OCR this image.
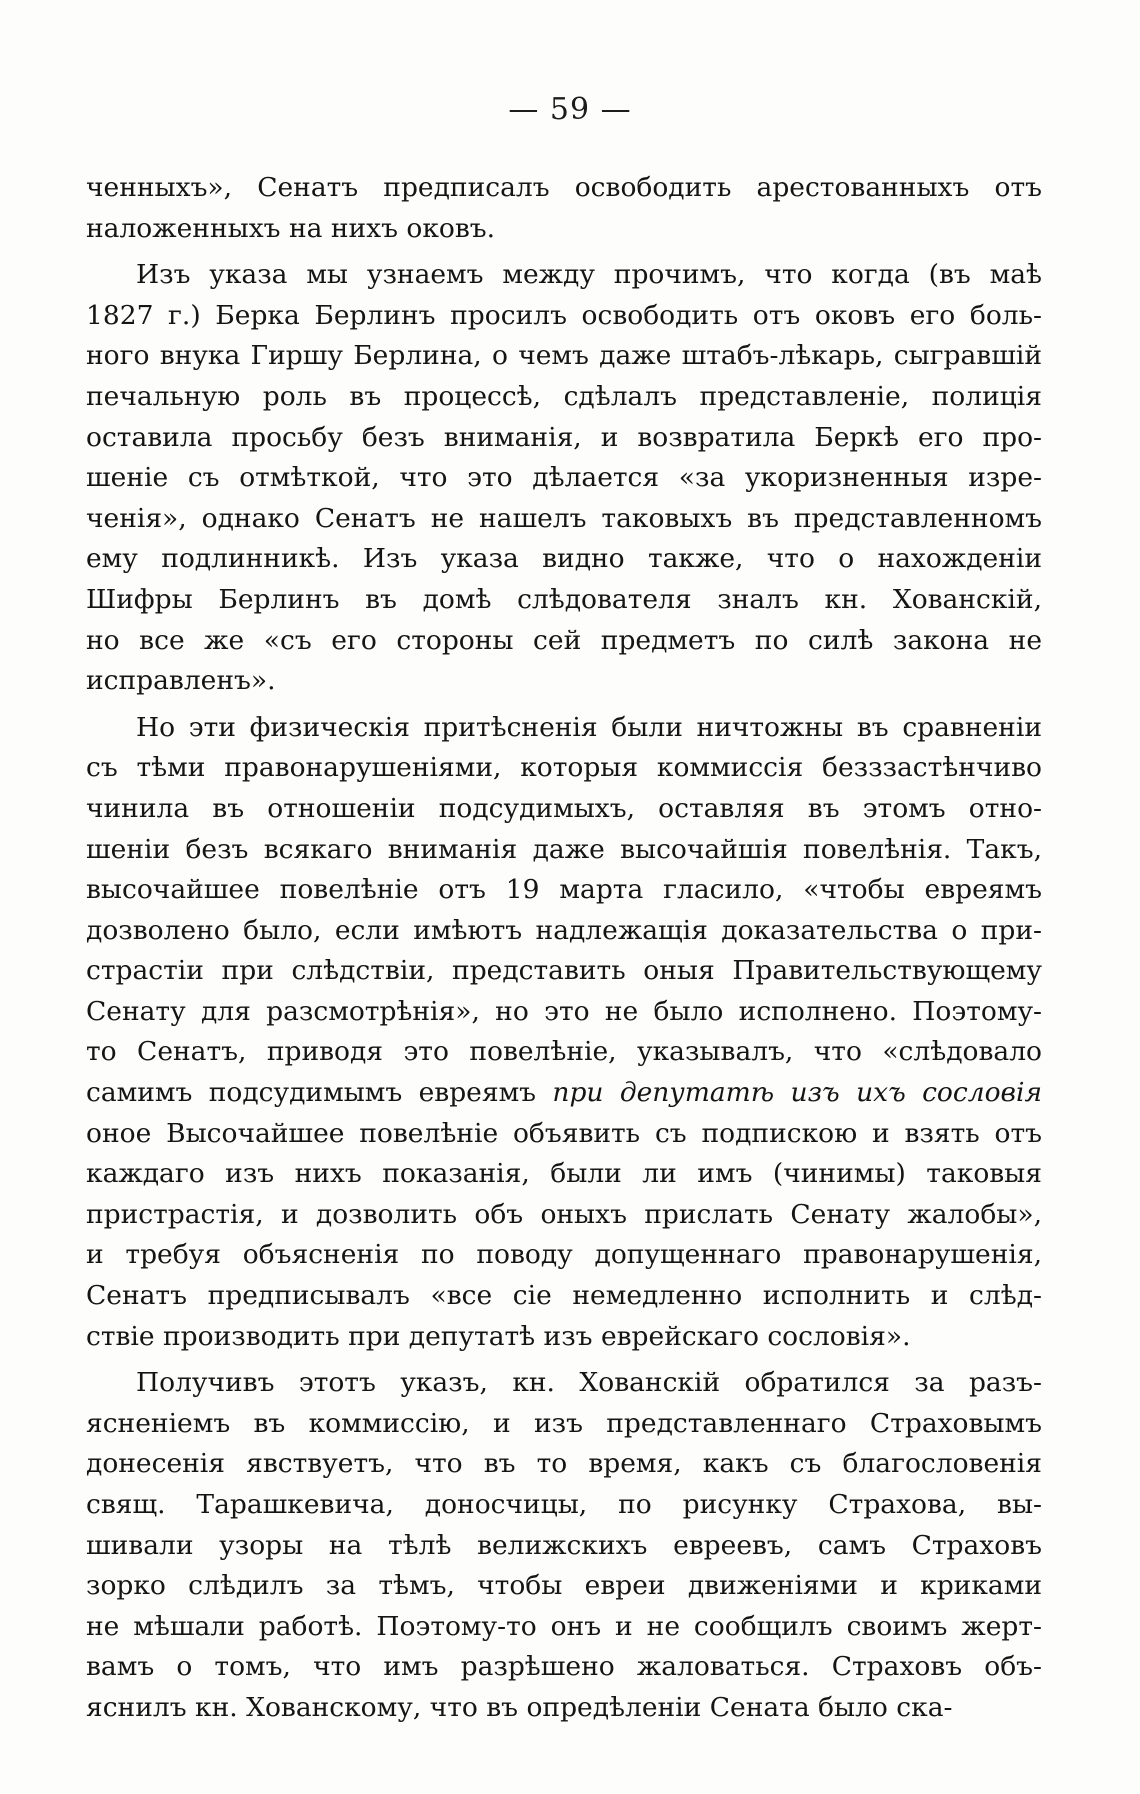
— 59 —
ченныхъ», Сенатъ предписалъ освободить арестованныхъ отъ
наложенныхъ на нихъ оковъ.
Изъ указа мы узнаемъ между прочимъ, что когда (въ маѣ
1827 г.) Берка Берлинъ просилъ освободить отъ оковъ его боль-
ного внука Гиршу Берлина, о чемъ даже штабъ-лѣкарь, сыгравшій
печальную роль въ процессѣ, сдѣлалъ представленіе, полиція
оставила просьбу безъ вниманія, и возвратила Беркѣ его про-
шеніе съ отмѣткой, что это дѣлается «за укоризненныя изре-
ченія», однако Сенатъ не нашелъ таковыхъ въ представленномъ
ему подлинникѣ. Изъ указа видно также, что о нахожденіи
Шифры Берлинъ въ домѣ слѣдователя зналъ кн. Хованскій,
но все же «съ его стороны сей предметъ по силѣ закона не
исправленъ».
Но эти физическія притѣсненія были ничтожны въ сравненіи
съ тѣми правонарушеніями, которыя коммиссія безззастѣнчиво
чинила въ отношеніи подсудимыхъ, оставляя въ этомъ отно-
шеніи безъ всякаго вниманія даже высочайшія повелѣнія. Такъ,
высочайшее повелѣніе отъ 19 марта гласило, «чтобы евреямъ
дозволено было, если имѣютъ надлежащія доказательства о при-
страстіи при слѣдствіи, представить оныя Правительствующему
Сенату для разсмотрѣнія», но это не было исполнено. Поэтому-
то Сенатъ, приводя это повелѣніе, указывалъ, что «слѣдовало
самимъ подсудимымъ евреямъ при депутатѣ изъ ихъ сословія
оное Высочайшее повелѣніе объявить съ подпискою и взять отъ
каждаго изъ нихъ показанія, были ли имъ (чинимы) таковыя
пристрастія, и дозволить объ оныхъ прислать Сенату жалобы»,
и требуя объясненія по поводу допущеннаго правонарушенія,
Сенатъ предписывалъ «все сіе немедленно исполнить и слѣд-
ствіе производить при депутатѣ изъ еврейскаго сословія».
Получивъ этотъ указъ, кн. Хованскій обратился за разъ-
ясненіемъ въ коммиссію, и изъ представленнаго Страховымъ
донесенія явствуетъ, что въ то время, какъ съ благословенія
свящ. Тарашкевича, доносчицы, по рисунку Страхова, вы-
шивали узоры на тѣлѣ велижскихъ евреевъ, самъ Страховъ
зорко слѣдилъ за тѣмъ, чтобы евреи движеніями и криками
не мѣшали работѣ. Поэтому-то онъ и не сообщилъ своимъ жерт-
вамъ о томъ, что имъ разрѣшено жаловаться. Страховъ объ-
яснилъ кн. Хованскому, что въ опредѣленіи Сената было ска-
